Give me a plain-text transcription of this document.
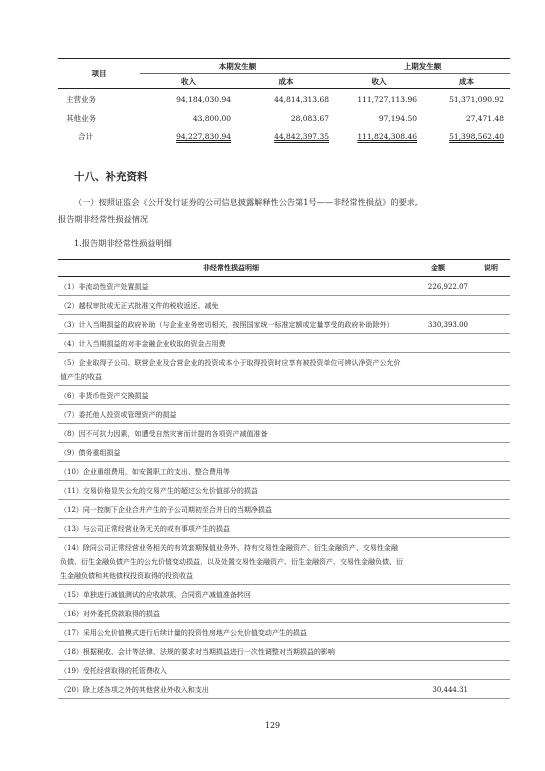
项目	本期发生额		上期发生额	
	收入	成本	收入	成本
主营业务	94,184,030.94	44,814,313.68	111,727,113.96	51,371,090.92
其他业务	43,800.00	28,083.67	97,194.50	27,471.48
合计	94,227,830.94	44,842,397.35	111,824,308.46	51,398,562.40
十八、补充资料
（一）按照证监会《公开发行证券的公司信息披露解释性公告第1号——非经常性损益》的要求,
报告期非经常性损益情况
1.报告期非经常性损益明细
非经常性损益明细	金额	说明
（1）非流动性资产处置损益	226,922.07	
（2）越权审批或无正式批准文件的税收返还、减免		
（3）计入当期损益的政府补助（与企业业务密切相关，按照国家统一标准定额或定量享受的政府补助除外）	330,393.00	
（4）计入当期损益的对非金融企业收取的资金占用费		
（5）企业取得子公司、联营企业及合营企业的投资成本小于取得投资时应享有被投资单位可辨认净资产公允价值产生的收益		
（6）非货币性资产交换损益		
（7）委托他人投资或管理资产的损益		
（8）因不可抗力因素，如遭受自然灾害而计提的各项资产减值准备		
（9）债务重组损益		
（10）企业重组费用，如安置职工的支出、整合费用等		
（11）交易价格显失公允的交易产生的超过公允价值部分的损益		
（12）同一控制下企业合并产生的子公司期初至合并日的当期净损益		
（13）与公司正常经营业务无关的或有事项产生的损益		
（14）除同公司正常经营业务相关的有效套期保值业务外，持有交易性金融资产、衍生金融资产、交易性金融负债、衍生金融负债产生的公允价值变动损益，以及处置交易性金融资产、衍生金融资产、交易性金融负债、衍生金融负债和其他债权投资取得的投资收益		
（15）单独进行减值测试的应收款项、合同资产减值准备转回		
（16）对外委托贷款取得的损益		
（17）采用公允价值模式进行后续计量的投资性房地产公允价值变动产生的损益		
（18）根据税收、会计等法律、法规的要求对当期损益进行一次性调整对当期损益的影响		
（19）受托经营取得的托管费收入		
（20）除上述各项之外的其他营业外收入和支出	30,444.31	
129
